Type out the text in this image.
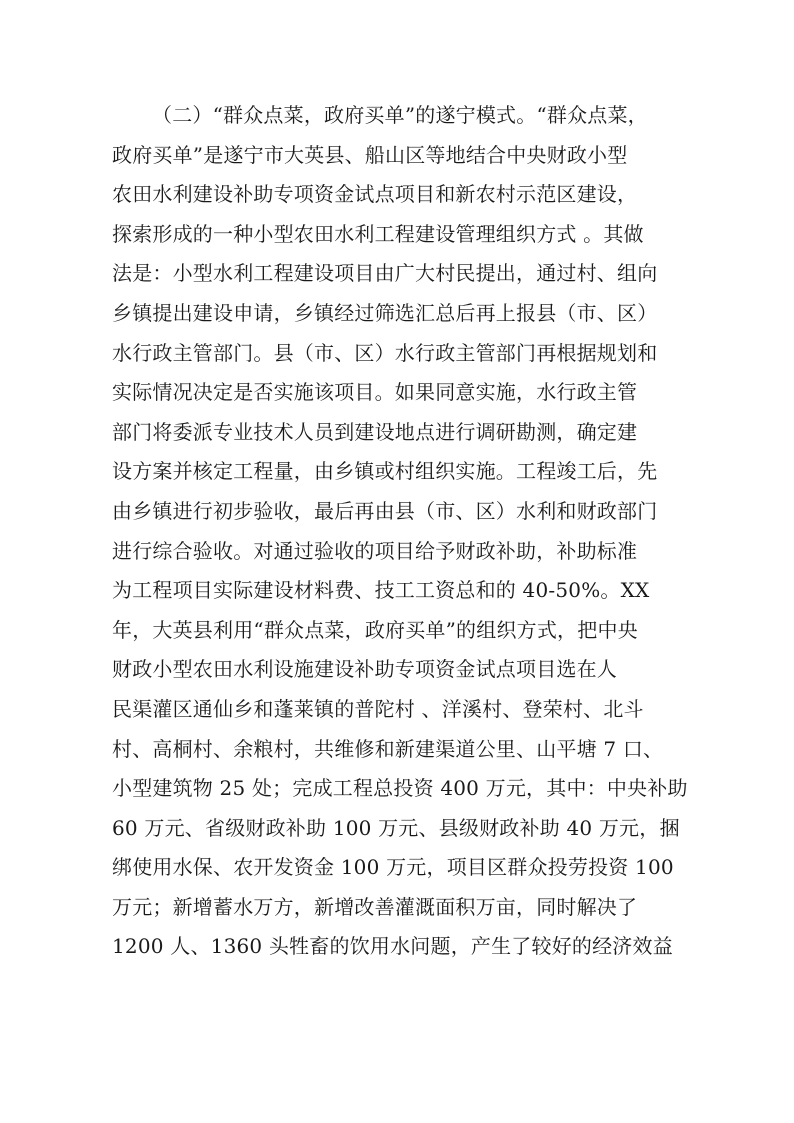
（二）“群众点菜，政府买单”的遂宁模式。“群众点菜，
政府买单”是遂宁市大英县、船山区等地结合中央财政小型
农田水利建设补助专项资金试点项目和新农村示范区建设，
探索形成的一种小型农田水利工程建设管理组织方式 。其做
法是：小型水利工程建设项目由广大村民提出，通过村、组向
乡镇提出建设申请，乡镇经过筛选汇总后再上报县（市、区）
水行政主管部门。县（市、区）水行政主管部门再根据规划和
实际情况决定是否实施该项目。如果同意实施，水行政主管
部门将委派专业技术人员到建设地点进行调研勘测，确定建
设方案并核定工程量，由乡镇或村组织实施。工程竣工后，先
由乡镇进行初步验收，最后再由县（市、区）水利和财政部门
进行综合验收。对通过验收的项目给予财政补助，补助标准
为工程项目实际建设材料费、技工工资总和的 40-50%。XX
年，大英县利用“群众点菜，政府买单”的组织方式，把中央
财政小型农田水利设施建设补助专项资金试点项目选在人
民渠灌区通仙乡和蓬莱镇的普陀村 、洋溪村、登荣村、北斗
村、高桐村、余粮村，共维修和新建渠道公里、山平塘 7 口、
小型建筑物 25 处；完成工程总投资 400 万元，其中：中央补助
60 万元、省级财政补助 100 万元、县级财政补助 40 万元，捆
绑使用水保、农开发资金 100 万元，项目区群众投劳投资 100
万元；新增蓄水万方，新增改善灌溉面积万亩，同时解决了
1200 人、1360 头牲畜的饮用水问题，产生了较好的经济效益
